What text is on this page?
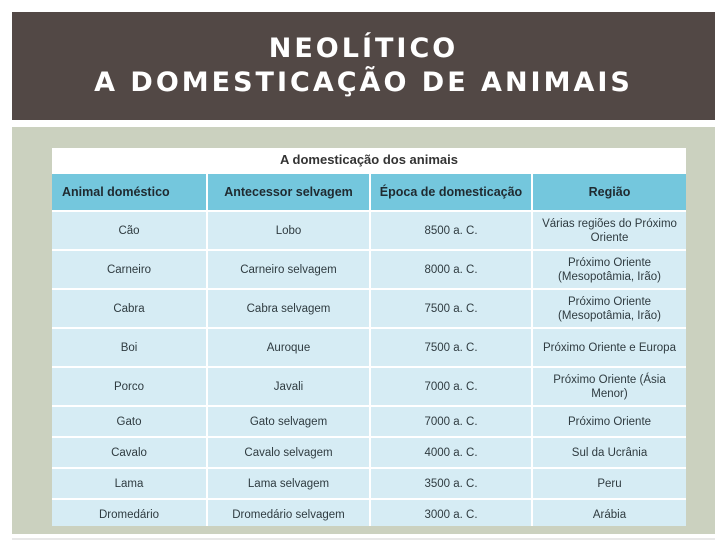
NEOLÍTICO
A DOMESTICAÇÃO DE ANIMAIS
A domesticação dos animais
Animal doméstico	Antecessor selvagem	Época de domesticação	Região
Cão	Lobo	8500 a. C.	Várias regiões do Próximo Oriente
Carneiro	Carneiro selvagem	8000 a. C.	Próximo Oriente (Mesopotâmia, Irão)
Cabra	Cabra selvagem	7500 a. C.	Próximo Oriente (Mesopotâmia, Irão)
Boi	Auroque	7500 a. C.	Próximo Oriente e Europa
Porco	Javali	7000 a. C.	Próximo Oriente (Ásia Menor)
Gato	Gato selvagem	7000 a. C.	Próximo Oriente
Cavalo	Cavalo selvagem	4000 a. C.	Sul da Ucrânia
Lama	Lama selvagem	3500 a. C.	Peru
Dromedário	Dromedário selvagem	3000 a. C.	Arábia
